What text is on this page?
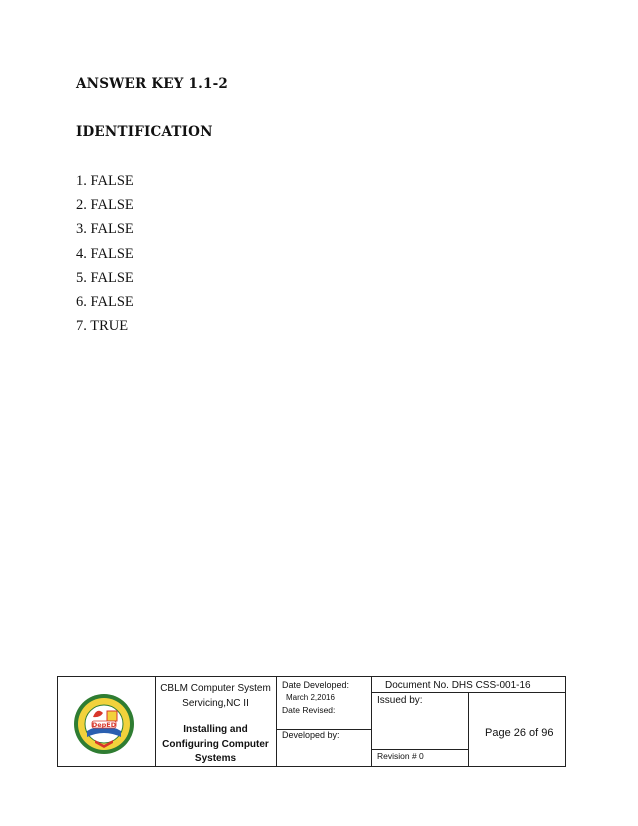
ANSWER KEY 1.1-2
IDENTIFICATION
1. FALSE
2. FALSE
3. FALSE
4. FALSE
5. FALSE
6. FALSE
7. TRUE
DepED
CBLM Computer System
Servicing,NC II
Installing and
Configuring Computer
Systems
Date Developed:
March 2,2016
Date Revised:
Developed by:
Document No. DHS CSS-001-16
Issued by:
Revision # 0
Page 26 of 96
